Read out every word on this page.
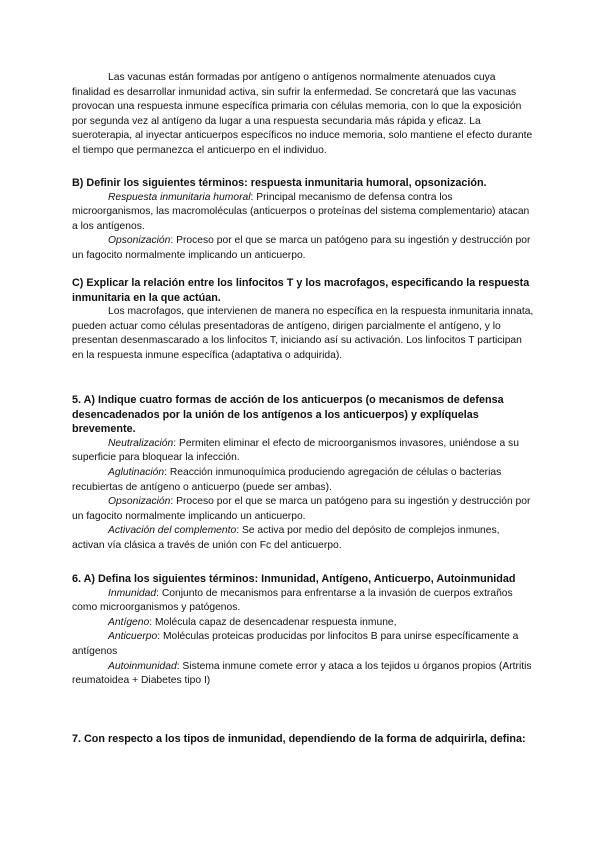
Las vacunas están formadas por antígeno o antígenos normalmente atenuados cuya finalidad es desarrollar inmunidad activa, sin sufrir la enfermedad. Se concretará que las vacunas provocan una respuesta inmune específica primaria con células memoria, con lo que la exposición por segunda vez al antígeno da lugar a una respuesta secundaria más rápida y eficaz. La sueroterapia, al inyectar anticuerpos específicos no induce memoria, solo mantiene el efecto durante el tiempo que permanezca el anticuerpo en el individuo.

B) Definir los siguientes términos: respuesta inmunitaria humoral, opsonización.

Respuesta inmunitaria humoral: Principal mecanismo de defensa contra los microorganismos, las macromoléculas (anticuerpos o proteínas del sistema complementario) atacan a los antígenos.

Opsonización: Proceso por el que se marca un patógeno para su ingestión y destrucción por un fagocito normalmente implicando un anticuerpo.

C) Explicar la relación entre los linfocitos T y los macrofagos, especificando la respuesta inmunitaria en la que actúan.

Los macrofagos, que intervienen de manera no específica en la respuesta inmunitaria innata, pueden actuar como células presentadoras de antígeno, dirigen parcialmente el antígeno, y lo presentan desenmascarado a los linfocitos T, iniciando así su activación. Los linfocitos T participan en la respuesta inmune específica (adaptativa o adquirida).

5. A) Indique cuatro formas de acción de los anticuerpos (o mecanismos de defensa desencadenados por la unión de los antígenos a los anticuerpos) y explíquelas brevemente.

Neutralización: Permiten eliminar el efecto de microorganismos invasores, uniéndose a su superficie para bloquear la infección.

Aglutinación: Reacción inmunoquímica produciendo agregación de células o bacterias recubiertas de antígeno o anticuerpo (puede ser ambas).

Opsonización: Proceso por el que se marca un patógeno para su ingestión y destrucción por un fagocito normalmente implicando un anticuerpo.

Activación del complemento: Se activa por medio del depósito de complejos inmunes, activan vía clásica a través de unión con Fc del anticuerpo.

6. A) Defina los siguientes términos: Inmunidad, Antígeno, Anticuerpo, Autoinmunidad

Inmunidad: Conjunto de mecanismos para enfrentarse a la invasión de cuerpos extraños como microorganismos y patógenos.

Antígeno: Molécula capaz de desencadenar respuesta inmune,

Anticuerpo: Moléculas proteicas producidas por linfocitos B para unirse específicamente a antígenos

Autoinmunidad: Sistema inmune comete error y ataca a los tejidos u órganos propios (Artritis reumatoidea + Diabetes tipo I)

7. Con respecto a los tipos de inmunidad, dependiendo de la forma de adquirirla, defina:
